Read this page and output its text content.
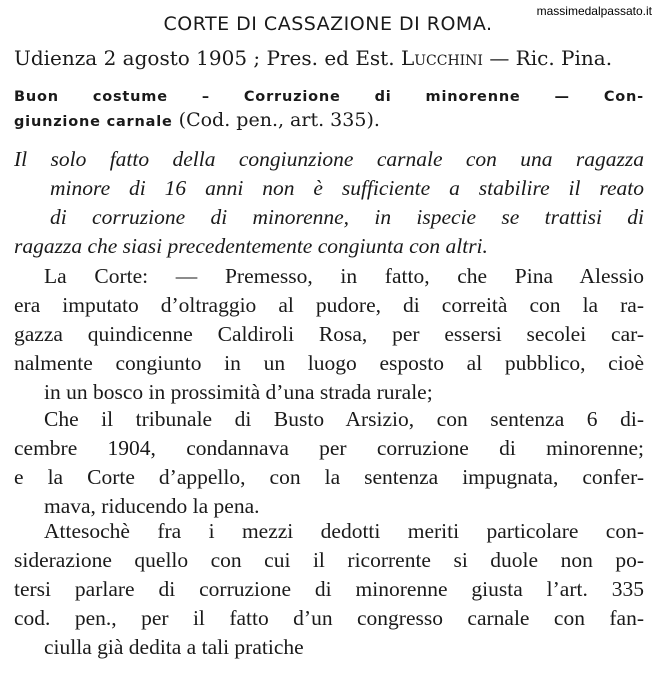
massimedalpassato.it
CORTE DI CASSAZIONE DI ROMA.
Udienza 2 agosto 1905 ; Pres. ed Est. Lucchini — Ric. Pina.
Buon costume – Corruzione di minorenne — Con-
giunzione carnale (Cod. pen., art. 335).
Il solo fatto della congiunzione carnale con una ragazza
minore di 16 anni non è sufficiente a stabilire il reato
di corruzione di minorenne, in ispecie se trattisi di
ragazza che siasi precedentemente congiunta con altri.
La Corte: — Premesso, in fatto, che Pina Alessio
era imputato d’oltraggio al pudore, di correità con la ra-
gazza quindicenne Caldiroli Rosa, per essersi secolei car-
nalmente congiunto in un luogo esposto al pubblico, cioè
in un bosco in prossimità d’una strada rurale;
Che il tribunale di Busto Arsizio, con sentenza 6 di-
cembre 1904, condannava per corruzione di minorenne;
e la Corte d’appello, con la sentenza impugnata, confer-
mava, riducendo la pena.
Attesochè fra i mezzi dedotti meriti particolare con-
siderazione quello con cui il ricorrente si duole non po-
tersi parlare di corruzione di minorenne giusta l’art. 335
cod. pen., per il fatto d’un congresso carnale con fan-
ciulla già dedita a tali pratiche
